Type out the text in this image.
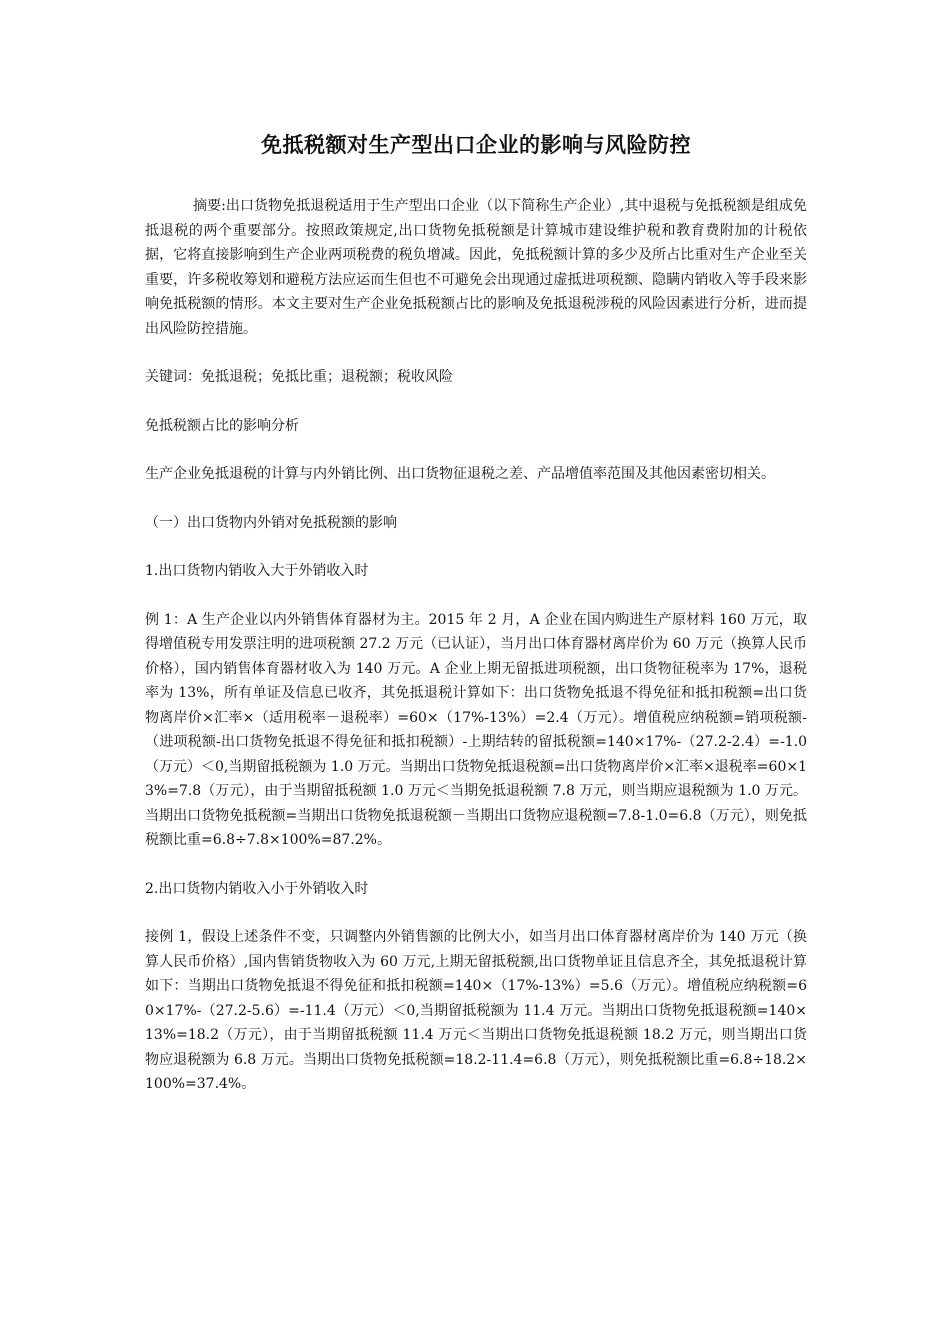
免抵税额对生产型出口企业的影响与风险防控

摘要:出口货物免抵退税适用于生产型出口企业（以下简称生产企业）,其中退税与免抵税额是组成免抵退税的两个重要部分。按照政策规定,出口货物免抵税额是计算城市建设维护税和教育费附加的计税依据，它将直接影响到生产企业两项税费的税负增减。因此，免抵税额计算的多少及所占比重对生产企业至关重要，许多税收筹划和避税方法应运而生但也不可避免会出现通过虚抵进项税额、隐瞒内销收入等手段来影响免抵税额的情形。本文主要对生产企业免抵税额占比的影响及免抵退税涉税的风险因素进行分析，进而提出风险防控措施。

关键词：免抵退税；免抵比重；退税额；税收风险

免抵税额占比的影响分析

生产企业免抵退税的计算与内外销比例、出口货物征退税之差、产品增值率范围及其他因素密切相关。

（一）出口货物内外销对免抵税额的影响

1.出口货物内销收入大于外销收入时

例 1：A 生产企业以内外销售体育器材为主。2015 年 2 月，A 企业在国内购进生产原材料 160 万元，取得增值税专用发票注明的进项税额 27.2 万元（已认证），当月出口体育器材离岸价为 60 万元（换算人民币价格），国内销售体育器材收入为 140 万元。A 企业上期无留抵进项税额，出口货物征税率为 17%，退税率为 13%，所有单证及信息已收齐，其免抵退税计算如下：出口货物免抵退不得免征和抵扣税额=出口货物离岸价×汇率×（适用税率－退税率）=60×（17%-13%）=2.4（万元）。增值税应纳税额=销项税额-（进项税额-出口货物免抵退不得免征和抵扣税额）-上期结转的留抵税额=140×17%-（27.2-2.4）=-1.0（万元）＜0,当期留抵税额为 1.0 万元。当期出口货物免抵退税额=出口货物离岸价×汇率×退税率=60×13%=7.8（万元），由于当期留抵税额 1.0 万元＜当期免抵退税额 7.8 万元，则当期应退税额为 1.0 万元。当期出口货物免抵税额=当期出口货物免抵退税额－当期出口货物应退税额=7.8-1.0=6.8（万元），则免抵税额比重=6.8÷7.8×100%=87.2%。

2.出口货物内销收入小于外销收入时

接例 1，假设上述条件不变，只调整内外销售额的比例大小，如当月出口体育器材离岸价为 140 万元（换算人民币价格）,国内售销货物收入为 60 万元,上期无留抵税额,出口货物单证且信息齐全，其免抵退税计算如下：当期出口货物免抵退不得免征和抵扣税额=140×（17%-13%）=5.6（万元）。增值税应纳税额=60×17%-（27.2-5.6）=-11.4（万元）＜0,当期留抵税额为 11.4 万元。当期出口货物免抵退税额=140×13%=18.2（万元），由于当期留抵税额 11.4 万元＜当期出口货物免抵退税额 18.2 万元，则当期出口货物应退税额为 6.8 万元。当期出口货物免抵税额=18.2-11.4=6.8（万元），则免抵税额比重=6.8÷18.2×100%=37.4%。
